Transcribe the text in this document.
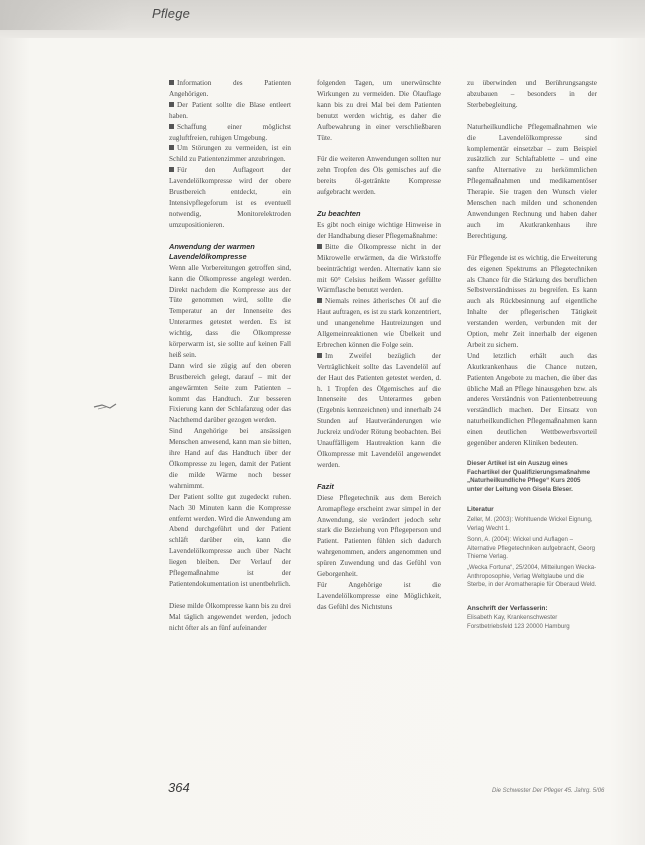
Pflege

Information des Patienten Angehörigen.

Der Patient sollte die Blase entleert haben.

Schaffung einer möglichst zugluftfreien, ruhigen Umgebung.

Um Störungen zu vermeiden, ist ein Schild zu Patientenzimmer anzubringen.

Für den Auflageort der Lavendelölkompresse wird der obere Brustbereich entdeckt, ein Intensivpflegeforum ist es eventuell notwendig, Monitorelektroden umzupositionieren.

Anwendung der warmen Lavendelölkompresse

Wenn alle Vorbereitungen getroffen sind, kann die Ölkompresse angelegt werden. Direkt nachdem die Kompresse aus der Tüte genommen wird, sollte die Temperatur an der Innenseite des Unterarmes getestet werden. Es ist wichtig, dass die Ölkompresse körperwarm ist, sie sollte auf keinen Fall heiß sein.

Dann wird sie zügig auf den oberen Brustbereich gelegt, darauf – mit der angewärmten Seite zum Patienten – kommt das Handtuch. Zur besseren Fixierung kann der Schlafanzug oder das Nachthemd darüber gezogen werden.

Sind Angehörige bei ansässigen Menschen anwesend, kann man sie bitten, ihre Hand auf das Handtuch über der Ölkompresse zu legen, damit der Patient die milde Wärme noch besser wahrnimmt.

Der Patient sollte gut zugedeckt ruhen. Nach 30 Minuten kann die Kompresse entfernt werden. Wird die Anwendung am Abend durchgeführt und der Patient schläft darüber ein, kann die Lavendelölkompresse auch über Nacht liegen bleiben. Der Verlauf der Pflegemaßnahme ist der Patientendokumentation ist unentbehrlich.

Diese milde Ölkompresse kann bis zu drei Mal täglich angewendet werden, jedoch nicht öfter als an fünf aufeinander

folgenden Tagen, um unerwünschte Wirkungen zu vermeiden. Die Ölauflage kann bis zu drei Mal bei dem Patienten benutzt werden wichtig, es daher die Aufbewahrung in einer verschließbaren Tüte.

Für die weiteren Anwendungen sollten nur zehn Tropfen des Öls gemisches auf die bereits öl-getränkte Kompresse aufgebracht werden.

Zu beachten

Es gibt noch einige wichtige Hinweise in der Handhabung dieser Pflegemaßnahme:

Bitte die Ölkompresse nicht in der Mikrowelle erwärmen, da die Wirkstoffe beeinträchtigt werden. Alternativ kann sie mit 60° Celsius heißem Wasser gefüllte Wärmflasche benutzt werden.

Niemals reines ätherisches Öl auf die Haut auftragen, es ist zu stark konzentriert, und unangenehme Hautreizungen und Allgemeinreaktionen wie Übelkeit und Erbrechen können die Folge sein.

Im Zweifel bezüglich der Verträglichkeit sollte das Lavendelöl auf der Haut des Patienten getestet werden, d. h. 1 Tropfen des Ölgemisches auf die Innenseite des Unterarmes geben (Ergebnis kennzeichnen) und innerhalb 24 Stunden auf Hautveränderungen wie Juckreiz und/oder Rötung beobachten. Bei Unauffälligem Hautreaktion kann die Ölkompresse mit Lavendelöl angewendet werden.

Fazit

Diese Pflegetechnik aus dem Bereich Aromapflege erscheint zwar simpel in der Anwendung, sie verändert jedoch sehr stark die Beziehung von Pflegeperson und Patient. Patienten fühlen sich dadurch wahrgenommen, anders angenommen und spüren Zuwendung und das Gefühl von Geborgenheit.

Für Angehörige ist die Lavendelölkompresse eine Möglichkeit, das Gefühl des Nichtstuns

zu überwinden und Berührungsangste abzubauen – besonders in der Sterbebegleitung.

Naturheilkundliche Pflegemaßnahmen wie die Lavendelölkompresse sind komplementär einsetzbar – zum Beispiel zusätzlich zur Schlaftablette – und eine sanfte Alternative zu herkömmlichen Pflegemaßnahmen und medikamentöser Therapie. Sie tragen den Wunsch vieler Menschen nach milden und schonenden Anwendungen Rechnung und haben daher auch im Akutkrankenhaus ihre Berechtigung.

Für Pflegende ist es wichtig, die Erweiterung des eigenen Spektrums an Pflegetechniken als Chance für die Stärkung des beruflichen Selbstverständnisses zu begreifen. Es kann auch als Rückbesinnung auf eigentliche Inhalte der pflegerischen Tätigkeit verstanden werden, verbunden mit der Option, mehr Zeit innerhalb der eigenen Arbeit zu sichern.

Und letztlich erhält auch das Akutkrankenhaus die Chance nutzen, Patienten Angebote zu machen, die über das übliche Maß an Pflege hinausgehen bzw. als anderes Verständnis von Patientenbetreuung verständlich machen. Der Einsatz von naturheilkundlichen Pflegemaßnahmen kann einen deutlichen Wettbewerbsvorteil gegenüber anderen Kliniken bedeuten.

Dieser Artikel ist ein Auszug eines Fachartikel der Qualifizierungsmaßnahme „Naturheilkundliche Pflege“ Kurs 2005 unter der Leitung von Gisela Bleser.

Literatur

Zeller, M. (2003): Wohltuende Wickel Eignung, Verlag Wecht 1.

Sonn, A. (2004): Wickel und Auflagen – Alternative Pflegetechniken aufgebracht, Georg Thieme Verlag.

„Wecka Fortuna“, 25/2004, Mitteilungen Wecka-Anthroposophie, Verlag Weltglaube und die Sterbe, in der Aromatherapie für Oberaud Weld.

Anschrift der Verfasserin:

Elisabeth Kay, Krankenschwester Forstbetriebsfeld 123 20000 Hamburg

364	Die Schwester Der Pfleger 45. Jahrg. 5/06
